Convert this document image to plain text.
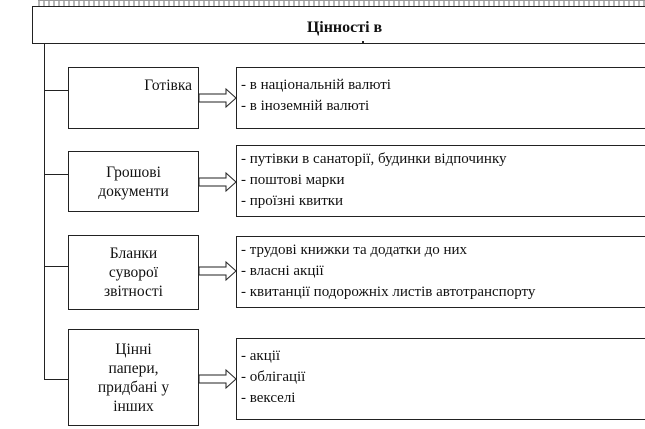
Цінності в
Готівка
-	в національній валюті
- в іноземній валюті
Грошові
документи
- путівки в санаторії, будинки відпочинку
- поштові марки
- проїзні квитки
Бланки
суворої
звітності
- трудові книжки та додатки до них
- власні акції
- квитанції подорожніх листів автотранспорту
Цінні
папери,
придбані у
інших
- акції
- облігації
- векселі
